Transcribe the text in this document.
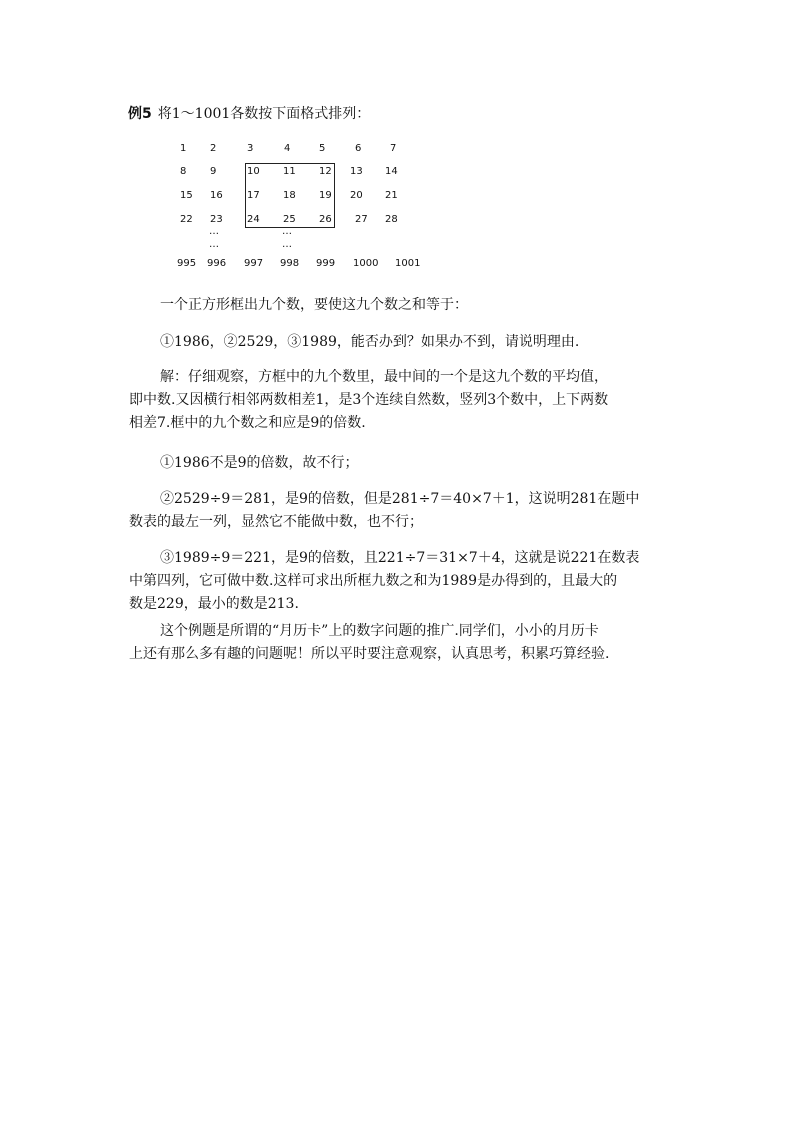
例5 将1～1001各数按下面格式排列：
1 2	3	4	5	6	7
8 9	10 11 12 13 14
15 16 17 18 19 20 21
22 23 24 25 26 27 28
…
…
…
…
995 996 997 998 999 1000 1001
一个正方形框出九个数，要使这九个数之和等于：
①1986，②2529，③1989，能否办到？如果办不到，请说明理由.
解：仔细观察，方框中的九个数里，最中间的一个是这九个数的平均值，
即中数.又因横行相邻两数相差1，是3个连续自然数，竖列3个数中，上下两数
相差7.框中的九个数之和应是9的倍数.
①1986不是9的倍数，故不行；
②2529÷9＝281，是9的倍数，但是281÷7＝40×7＋1，这说明281在题中
数表的最左一列，显然它不能做中数，也不行；
③1989÷9＝221，是9的倍数，且221÷7＝31×7＋4，这就是说221在数表
中第四列，它可做中数.这样可求出所框九数之和为1989是办得到的，且最大的
数是229，最小的数是213.
这个例题是所谓的“月历卡”上的数字问题的推广.同学们，小小的月历卡
上还有那么多有趣的问题呢！所以平时要注意观察，认真思考，积累巧算经验.
